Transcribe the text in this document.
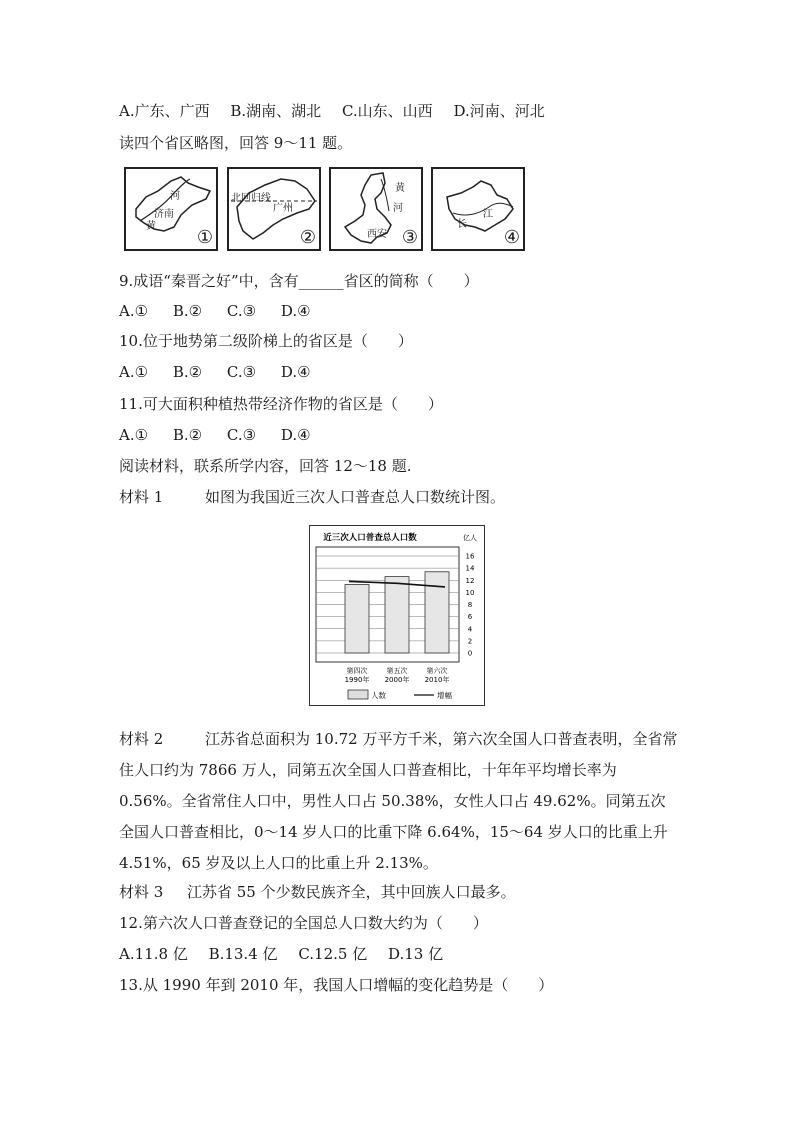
A.广东、广西 B.湖南、湖北 C.山东、山西 D.河南、河北
读四个省区略图，回答 9～11 题。
河
济南
黄
①
北回归线
广州
②
黄
河
西安 ③
长
江
④
9.成语“秦晋之好”中，含有______省区的简称（　　）
A.① B.② C.③ D.④
10.位于地势第二级阶梯上的省区是（　　）
A.① B.② C.③ D.④
11.可大面积种植热带经济作物的省区是（　　）
A.① B.② C.③ D.④
阅读材料，联系所学内容，回答 12～18 题.
材料 1	如图为我国近三次人口普查总人口数统计图。
近三次人口普查总人口数	亿人
0
2
4
6
8
10
12
14
16
第四次
1990年
第五次
2000年
第六次
2010年
人数	增幅
材料 2	江苏省总面积为 10.72 万平方千米，第六次全国人口普查表明，全省常住人口约为 7866 万人，同第五次全国人口普查相比，十年年平均增长率为 0.56%。全省常住人口中，男性人口占 50.38%，女性人口占 49.62%。同第五次全国人口普查相比，0～14 岁人口的比重下降 6.64%，15～64 岁人口的比重上升 4.51%，65 岁及以上人口的比重上升 2.13%。
材料 3 江苏省 55 个少数民族齐全，其中回族人口最多。
12.第六次人口普查登记的全国总人口数大约为（　　）
A.11.8 亿 B.13.4 亿 C.12.5 亿 D.13 亿
13.从 1990 年到 2010 年，我国人口增幅的变化趋势是（　　）
